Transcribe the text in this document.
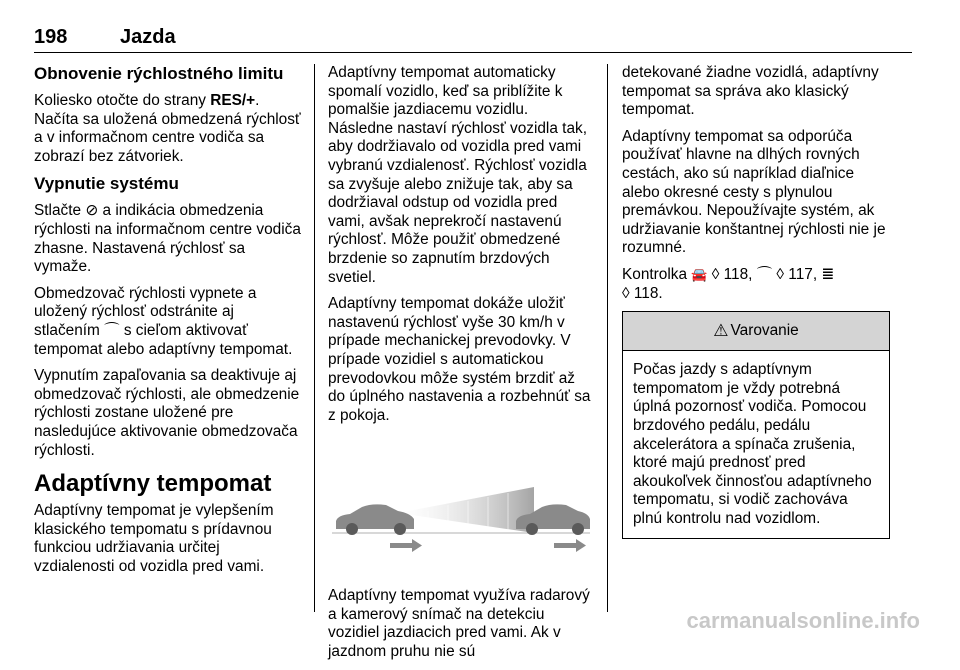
198	Jazda
Obnovenie rýchlostného limitu

Koliesko otočte do strany RES/+. Načíta sa uložená obmedzená rýchlosť a v informačnom centre vodiča sa zobrazí bez zátvoriek.

Vypnutie systému

Stlačte ⊘ a indikácia obmedzenia rýchlosti na informačnom centre vodiča zhasne. Nastavená rýchlosť sa vymaže.

Obmedzovač rýchlosti vypnete a uložený rýchlosť odstránite aj stlačením ⌒ s cieľom aktivovať tempomat alebo adaptívny tempomat.

Vypnutím zapaľovania sa deaktivuje aj obmedzovač rýchlosti, ale obmedzenie rýchlosti zostane uložené pre nasledujúce aktivovanie obmedzovača rýchlosti.

Adaptívny tempomat

Adaptívny tempomat je vylepšením klasického tempomatu s prídavnou funkciou udržiavania určitej vzdialenosti od vozidla pred vami.

Adaptívny tempomat automaticky spomalí vozidlo, keď sa priblížite k pomalšie jazdiacemu vozidlu. Následne nastaví rýchlosť vozidla tak, aby dodržiavalo od vozidla pred vami vybranú vzdialenosť. Rýchlosť vozidla sa zvyšuje alebo znižuje tak, aby sa dodržiaval odstup od vozidla pred vami, avšak neprekročí nastavenú rýchlosť. Môže použiť obmedzené brzdenie so zapnutím brzdových svetiel.

Adaptívny tempomat dokáže uložiť nastavenú rýchlosť vyše 30 km/h v prípade mechanickej prevodovky. V prípade vozidiel s automatickou prevodovkou môže systém brzdiť až do úplného nastavenia a rozbehnúť sa z pokoja.

Adaptívny tempomat využíva radarový a kamerový snímač na detekciu vozidiel jazdiacich pred vami. Ak v jazdnom pruhu nie sú

detekované žiadne vozidlá, adaptívny tempomat sa správa ako klasický tempomat.

Adaptívny tempomat sa odporúča používať hlavne na dlhých rovných cestách, ako sú napríklad diaľnice alebo okresné cesty s plynulou premávkou. Nepoužívajte systém, ak udržiavanie konštantnej rýchlosti nie je rozumné.

Kontrolka 🚘 ◊ 118, ⌒ ◊ 117, ≣
◊ 118.

⚠ Varovanie
Počas jazdy s adaptívnym tempomatom je vždy potrebná úplná pozornosť vodiča. Pomocou brzdového pedálu, pedálu akcelerátora a spínača zrušenia, ktoré majú prednosť pred akoukoľvek činnosťou adaptívneho tempomatu, si vodič zachováva plnú kontrolu nad vozidlom.
carmanualsonline.info
